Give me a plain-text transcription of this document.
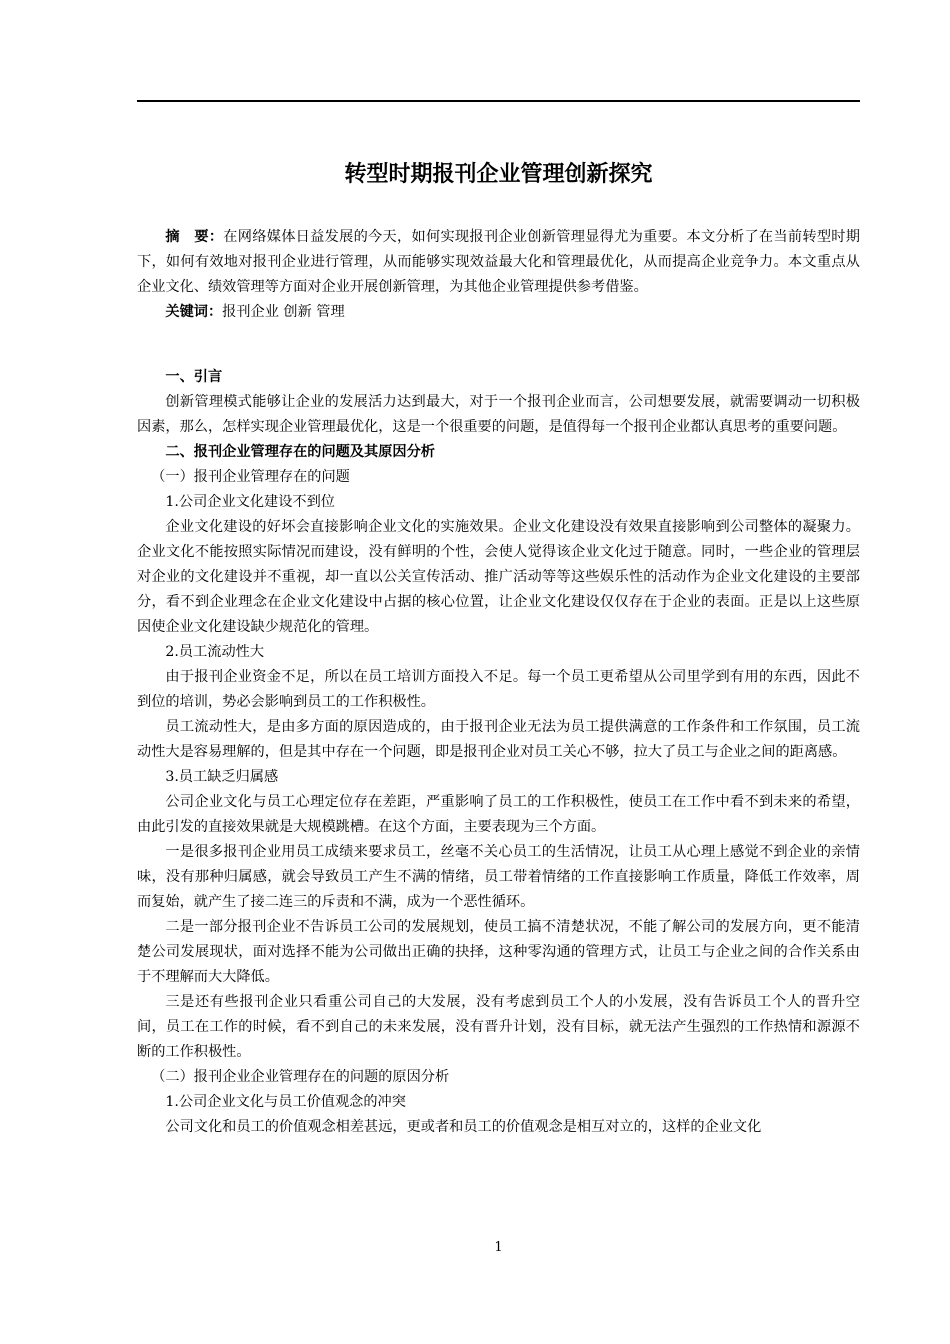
转型时期报刊企业管理创新探究

摘　要：在网络媒体日益发展的今天，如何实现报刊企业创新管理显得尤为重要。本文分析了在当前转型时期下，如何有效地对报刊企业进行管理，从而能够实现效益最大化和管理最优化，从而提高企业竞争力。本文重点从企业文化、绩效管理等方面对企业开展创新管理，为其他企业管理提供参考借鉴。

关键词：报刊企业 创新 管理

一、引言

创新管理模式能够让企业的发展活力达到最大，对于一个报刊企业而言，公司想要发展，就需要调动一切积极因素，那么，怎样实现企业管理最优化，这是一个很重要的问题，是值得每一个报刊企业都认真思考的重要问题。

二、报刊企业管理存在的问题及其原因分析

（一）报刊企业管理存在的问题

1.公司企业文化建设不到位

企业文化建设的好坏会直接影响企业文化的实施效果。企业文化建设没有效果直接影响到公司整体的凝聚力。企业文化不能按照实际情况而建设，没有鲜明的个性，会使人觉得该企业文化过于随意。同时，一些企业的管理层对企业的文化建设并不重视，却一直以公关宣传活动、推广活动等等这些娱乐性的活动作为企业文化建设的主要部分，看不到企业理念在企业文化建设中占据的核心位置，让企业文化建设仅仅存在于企业的表面。正是以上这些原因使企业文化建设缺少规范化的管理。

2.员工流动性大

由于报刊企业资金不足，所以在员工培训方面投入不足。每一个员工更希望从公司里学到有用的东西，因此不到位的培训，势必会影响到员工的工作积极性。

员工流动性大，是由多方面的原因造成的，由于报刊企业无法为员工提供满意的工作条件和工作氛围，员工流动性大是容易理解的，但是其中存在一个问题，即是报刊企业对员工关心不够，拉大了员工与企业之间的距离感。

3.员工缺乏归属感

公司企业文化与员工心理定位存在差距，严重影响了员工的工作积极性，使员工在工作中看不到未来的希望，由此引发的直接效果就是大规模跳槽。在这个方面，主要表现为三个方面。

一是很多报刊企业用员工成绩来要求员工，丝毫不关心员工的生活情况，让员工从心理上感觉不到企业的亲情味，没有那种归属感，就会导致员工产生不满的情绪，员工带着情绪的工作直接影响工作质量，降低工作效率，周而复始，就产生了接二连三的斥责和不满，成为一个恶性循环。

二是一部分报刊企业不告诉员工公司的发展规划，使员工搞不清楚状况，不能了解公司的发展方向，更不能清楚公司发展现状，面对选择不能为公司做出正确的抉择，这种零沟通的管理方式，让员工与企业之间的合作关系由于不理解而大大降低。

三是还有些报刊企业只看重公司自己的大发展，没有考虑到员工个人的小发展，没有告诉员工个人的晋升空间，员工在工作的时候，看不到自己的未来发展，没有晋升计划，没有目标，就无法产生强烈的工作热情和源源不断的工作积极性。

（二）报刊企业企业管理存在的问题的原因分析

1.公司企业文化与员工价值观念的冲突

公司文化和员工的价值观念相差甚远，更或者和员工的价值观念是相互对立的，这样的企业文化

1
